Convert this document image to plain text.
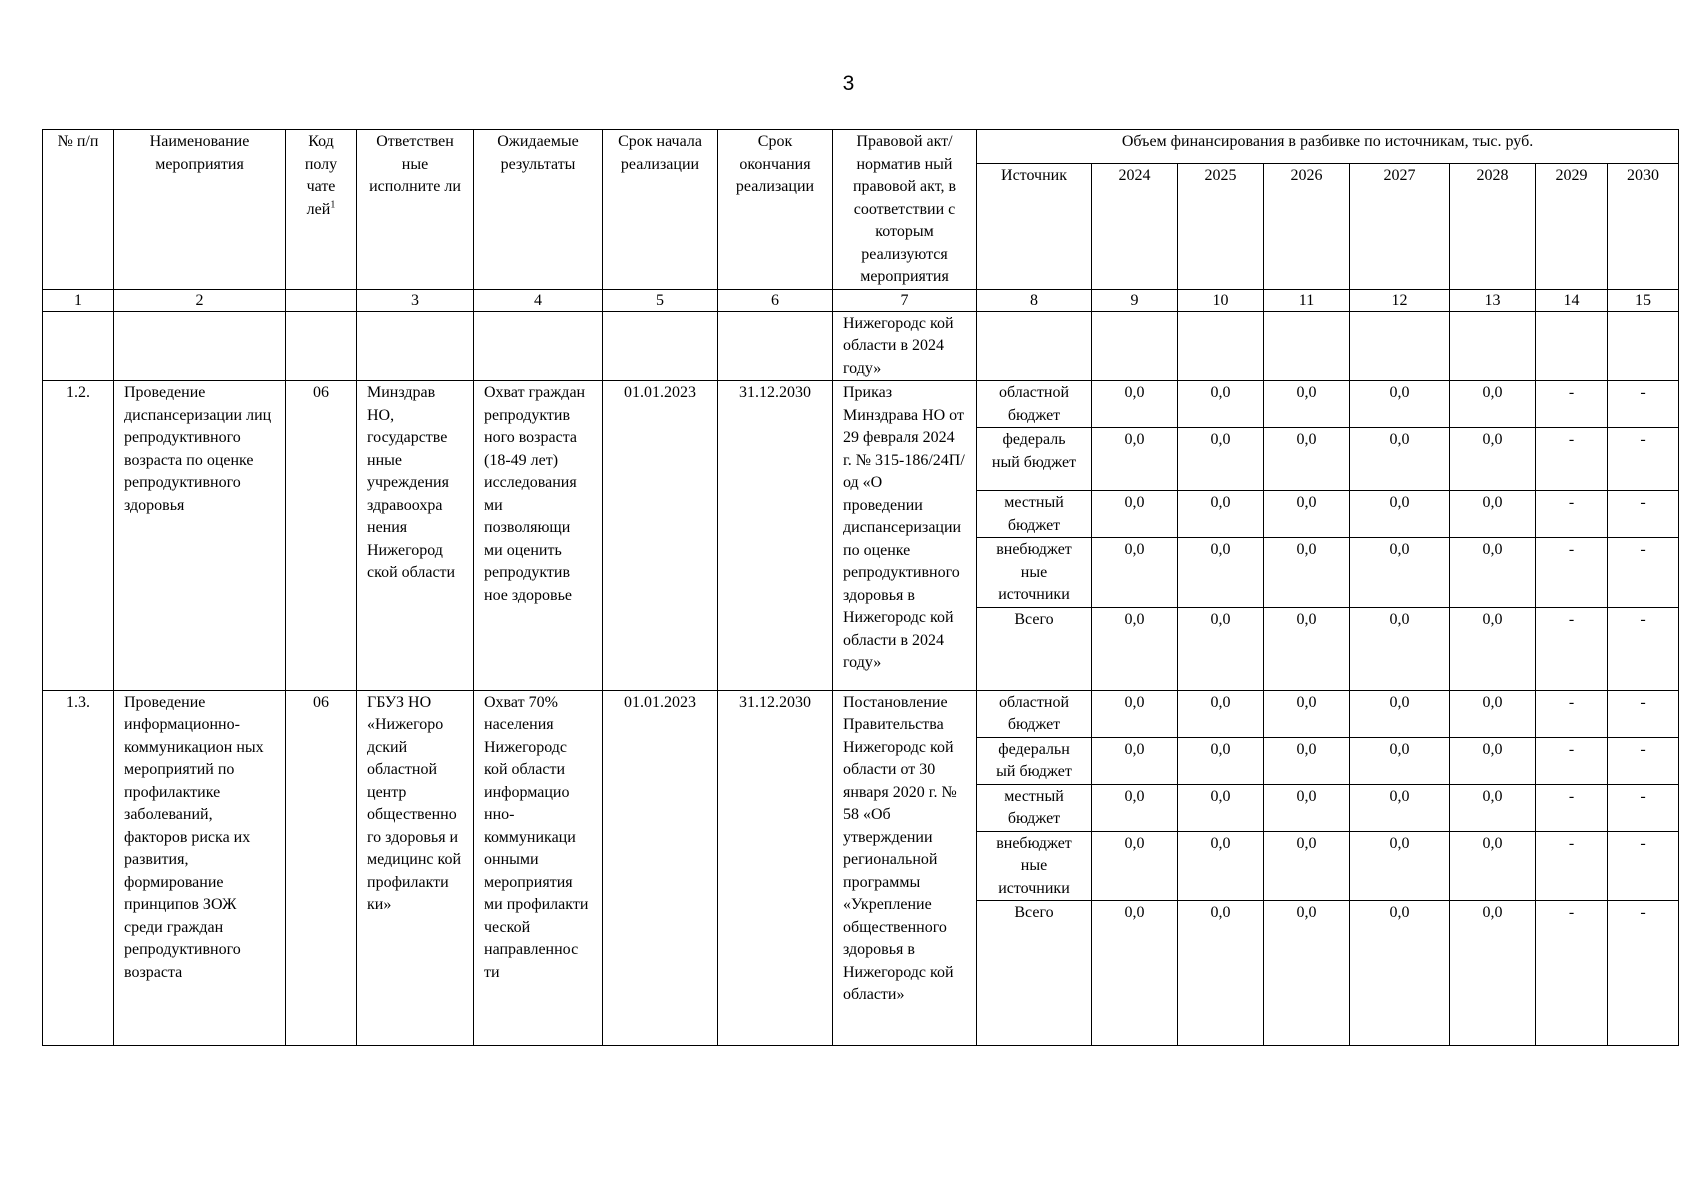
3
№ п/п	Наименование мероприятия	Код полу чате лей$^1$	Ответствен ные исполните ли	Ожидаемые результаты	Срок начала реализации	Срок окончания реализации	Правовой акт/норматив ный правовой акт, в соответствии с которым реализуются мероприятия	Объем финансирования в разбивке по источникам, тыс. руб.							
								Источник	2024	2025	2026	2027	2028	2029	2030
1	2		3	4	5	6	7	8	9	10	11	12	13	14	15
							Нижегородс кой области в 2024 году»								
1.2.	Проведение диспансеризации лиц репродуктивного возраста по оценке репродуктивного здоровья	06	Минздрав НО, государстве нные учреждения здравоохра нения Нижегород ской области	Охват граждан репродуктив ного возраста (18-49 лет) исследования ми позволяющи ми оценить репродуктив ное здоровье	01.01.2023	31.12.2030	Приказ Минздрава НО от 29 февраля 2024 г. № 315-186/24П/од «О проведении диспансеризации по оценке репродуктивного здоровья в Нижегородс кой области в 2024 году»	областной бюджет	0,0	0,0	0,0	0,0	0,0	-	-
								федераль ный бюджет	0,0	0,0	0,0	0,0	0,0	-	-
								местный бюджет	0,0	0,0	0,0	0,0	0,0	-	-
								внебюджет ные источники	0,0	0,0	0,0	0,0	0,0	-	-
								Всего	0,0	0,0	0,0	0,0	0,0	-	-
1.3.	Проведение информационно-коммуникацион ных мероприятий по профилактике заболеваний, факторов риска их развития, формирование принципов ЗОЖ среди граждан репродуктивного возраста	06	ГБУЗ НО «Нижегоро дский областной центр общественного здоровья и медицинс кой профилакти ки»	Охват 70% населения Нижегородс кой области информацио нно-коммуникаци онными мероприятия ми профилакти ческой направленнос ти	01.01.2023	31.12.2030	Постановление Правительства Нижегородс кой области от 30 января 2020 г. № 58 «Об утверждении региональной программы «Укрепление общественного здоровья в Нижегородс кой области»	областной бюджет	0,0	0,0	0,0	0,0	0,0	-	-
								федеральн ый бюджет	0,0	0,0	0,0	0,0	0,0	-	-
								местный бюджет	0,0	0,0	0,0	0,0	0,0	-	-
								внебюджет ные источники	0,0	0,0	0,0	0,0	0,0	-	-
								Всего	0,0	0,0	0,0	0,0	0,0	-	-
